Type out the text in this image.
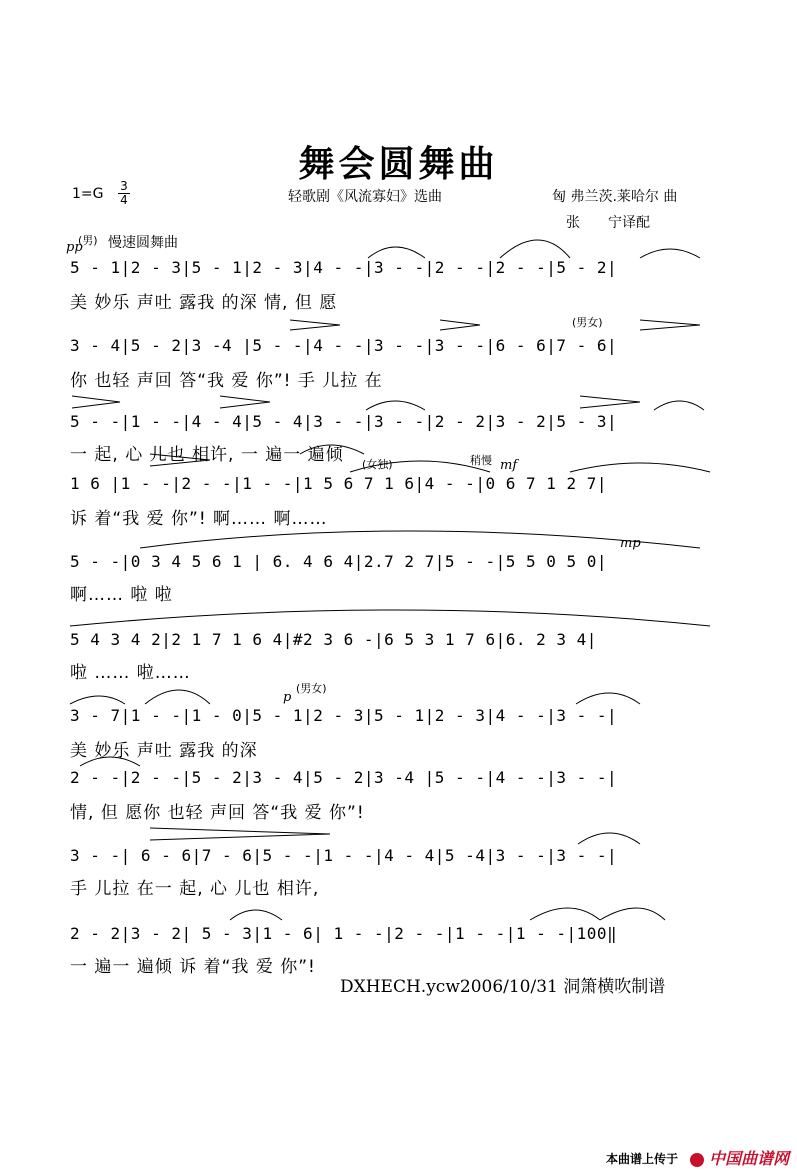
舞会圆舞曲
1=G 3
4	轻歌剧《风流寡妇》选曲	匈 弗兰茨.莱哈尔 曲
张　　宁译配
pp
(男) 慢速圆舞曲
(男女)
(女独)	稍慢 mf
mp
p
(男女)
5 - 1|2 - 3|5 - 1|2 - 3|4 - -|3 - -|2 - -|2 - -|5 - 2|
美 妙乐 声吐 露我 的深 情, 但 愿
3 - 4|5 - 2|3 -4 |5 - -|4 - -|3 - -|3 - -|6 - 6|7 - 6|
你 也轻 声回 答“我 爱 你”! 手 儿拉 在
5 - -|1 - -|4 - 4|5 - 4|3 - -|3 - -|2 - 2|3 - 2|5 - 3|
一 起, 心 儿也 相许, 一 遍一 遍倾
1 6 |1 - -|2 - -|1 - -|1 5 6 7 1 6|4 - -|0 6 7 1 2 7|
诉 着“我 爱 你”! 啊…… 啊……
5 - -|0 3 4 5 6 1 | 6. 4 6 4|2.7 2 7|5 - -|5 5 0 5 0|
啊…… 啦 啦
5 4 3 4 2|2 1 7 1 6 4|#2 3 6 -|6 5 3 1 7 6|6. 2 3 4|
啦 …… 啦……
3 - 7|1 - -|1 - 0|5 - 1|2 - 3|5 - 1|2 - 3|4 - -|3 - -|
美 妙乐 声吐 露我 的深
2 - -|2 - -|5 - 2|3 - 4|5 - 2|3 -4 |5 - -|4 - -|3 - -|
情, 但 愿你 也轻 声回 答“我 爱 你”!
3 - -| 6 - 6|7 - 6|5 - -|1 - -|4 - 4|5 -4|3 - -|3 - -|
手 儿拉 在一 起, 心 儿也 相许,
2 - 2|3 - 2| 5 - 3|1 - 6| 1 - -|2 - -|1 - -|1 - -|100‖
一 遍一 遍倾 诉 着“我 爱 你”!
DXHECH.ycw2006/10/31 洞箫横吹制谱
本曲谱上传于	中国曲谱网
